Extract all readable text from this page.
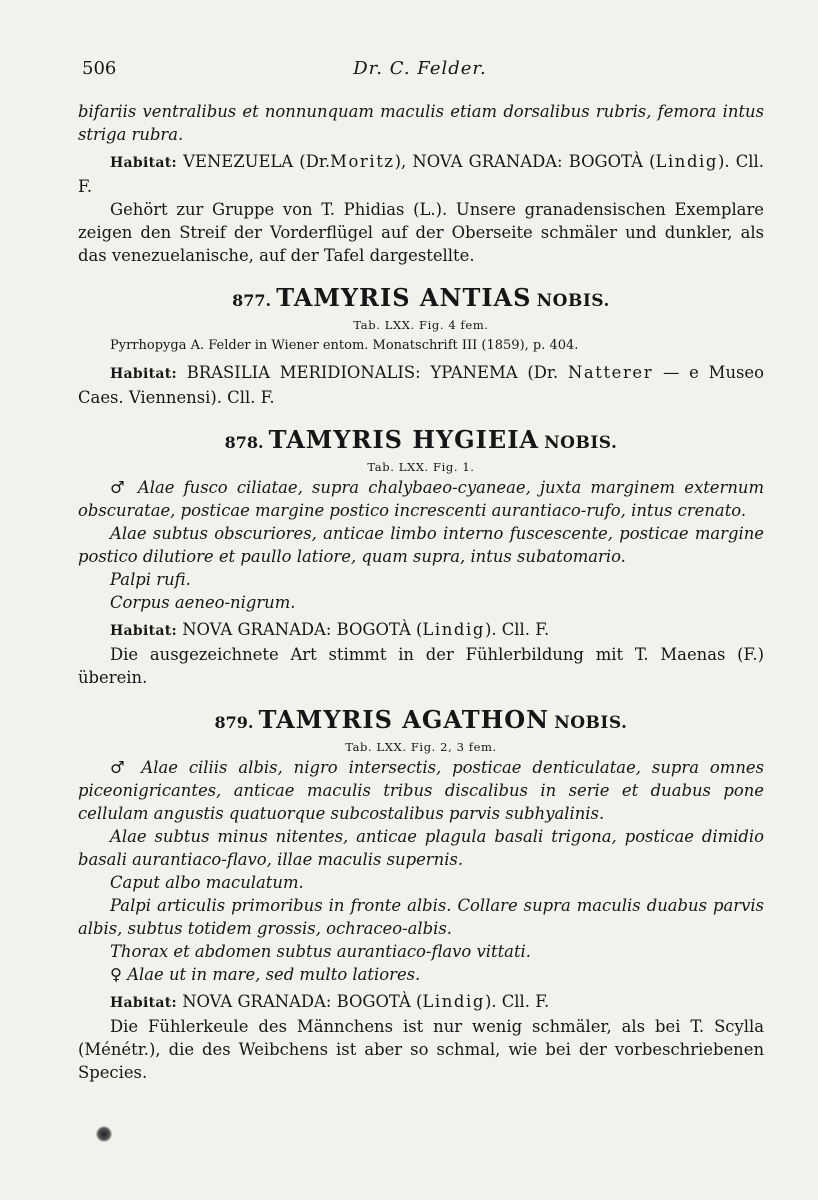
506	Dr. C. Felder.

bifariis ventralibus et nonnunquam maculis etiam dorsalibus rubris, femora intus striga rubra.

Habitat: VENEZUELA (Dr.Moritz), NOVA GRANADA: BOGOTÀ (Lindig). Cll. F.

Gehört zur Gruppe von T. Phidias (L.). Unsere granadensischen Exemplare zeigen den Streif der Vorderflügel auf der Oberseite schmäler und dunkler, als das venezuelanische, auf der Tafel dargestellte.

877. TAMYRIS ANTIAS NOBIS.
Tab. LXX. Fig. 4 fem.

Pyrrhopyga A. Felder in Wiener entom. Monatschrift III (1859), p. 404.

Habitat: BRASILIA MERIDIONALIS: YPANEMA (Dr. Natterer — e Museo Caes. Viennensi). Cll. F.

878. TAMYRIS HYGIEIA NOBIS.
Tab. LXX. Fig. 1.

♂ Alae fusco ciliatae, supra chalybaeo-cyaneae, juxta marginem externum obscuratae, posticae margine postico increscenti aurantiaco-rufo, intus crenato.

Alae subtus obscuriores, anticae limbo interno fuscescente, posticae margine postico dilutiore et paullo latiore, quam supra, intus subatomario.

Palpi rufi.

Corpus aeneo-nigrum.

Habitat: NOVA GRANADA: BOGOTÀ (Lindig). Cll. F.

Die ausgezeichnete Art stimmt in der Fühlerbildung mit T. Maenas (F.) überein.

879. TAMYRIS AGATHON NOBIS.
Tab. LXX. Fig. 2, 3 fem.

♂ Alae ciliis albis, nigro intersectis, posticae denticulatae, supra omnes piceonigricantes, anticae maculis tribus discalibus in serie et duabus pone cellulam angustis quatuorque subcostalibus parvis subhyalinis.

Alae subtus minus nitentes, anticae plagula basali trigona, posticae dimidio basali aurantiaco-flavo, illae maculis supernis.

Caput albo maculatum.

Palpi articulis primoribus in fronte albis. Collare supra maculis duabus parvis albis, subtus totidem grossis, ochraceo-albis.

Thorax et abdomen subtus aurantiaco-flavo vittati.

♀ Alae ut in mare, sed multo latiores.

Habitat: NOVA GRANADA: BOGOTÀ (Lindig). Cll. F.

Die Fühlerkeule des Männchens ist nur wenig schmäler, als bei T. Scylla (Ménétr.), die des Weibchens ist aber so schmal, wie bei der vorbeschriebenen Species.
